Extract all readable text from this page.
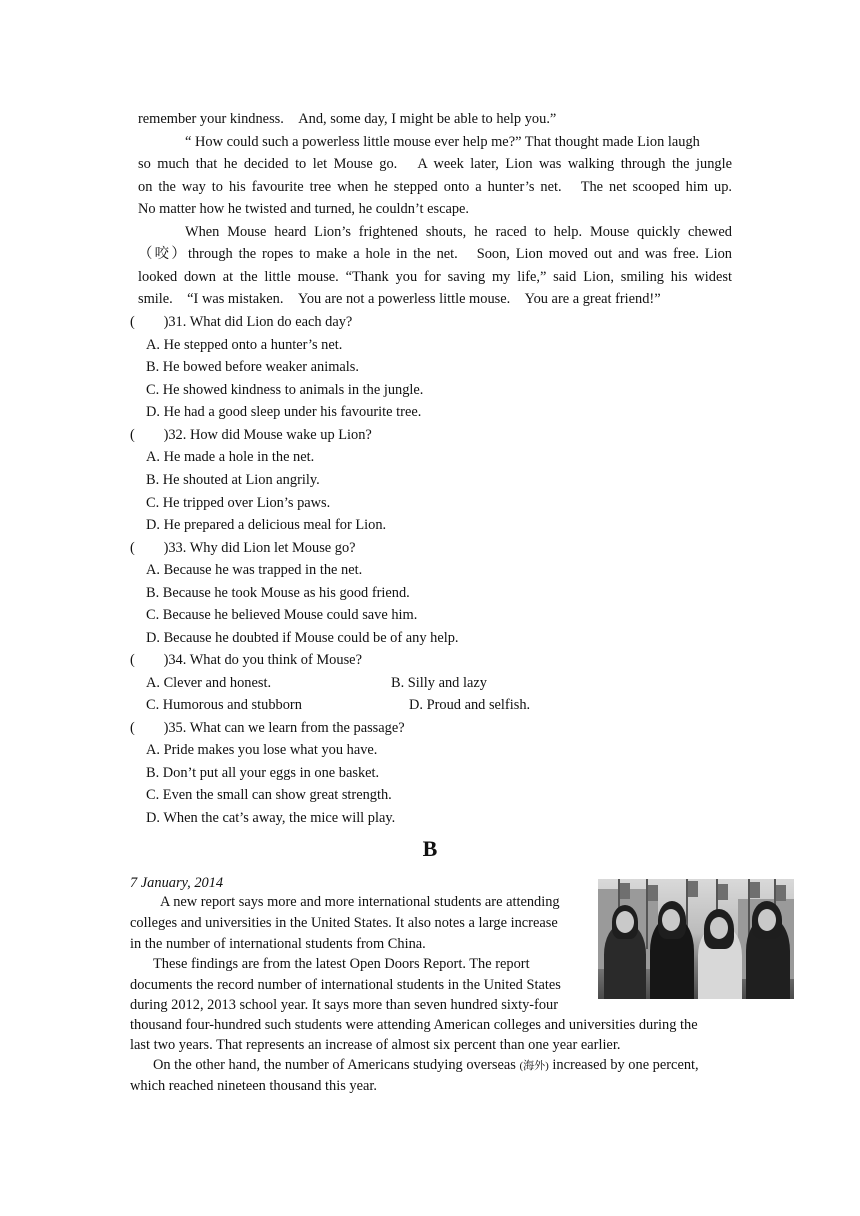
remember your kindness.　And, some day, I might be able to help you.”
“ How could such a powerless little mouse ever help me?” That thought made Lion laugh
so much that he decided to let Mouse go.　A week later, Lion was walking through the jungle
on the way to his favourite tree when he stepped onto a hunter’s net.　The net scooped him up.
No matter how he twisted and turned, he couldn’t escape.
When Mouse heard Lion’s frightened shouts, he raced to help. Mouse quickly chewed
（咬）through the ropes to make a hole in the net.　Soon, Lion moved out and was free. Lion
looked down at the little mouse. “Thank you for saving my life,” said Lion, smiling his widest
smile.　“I was mistaken.　You are not a powerless little mouse.　You are a great friend!”
(　　)31. What did Lion do each day?
A. He stepped onto a hunter’s net.
B. He bowed before weaker animals.
C. He showed kindness to animals in the jungle.
D. He had a good sleep under his favourite tree.
(　　)32. How did Mouse wake up Lion?
A. He made a hole in the net.
B. He shouted at Lion angrily.
C. He tripped over Lion’s paws.
D. He prepared a delicious meal for Lion.
(　　)33. Why did Lion let Mouse go?
A. Because he was trapped in the net.
B. Because he took Mouse as his good friend.
C. Because he believed Mouse could save him.
D. Because he doubted if Mouse could be of any help.
(　　)34. What do you think of Mouse?
A. Clever and honest.	B. Silly and lazy
C. Humorous and stubborn	D. Proud and selfish.
(　　)35. What can we learn from the passage?
A. Pride makes you lose what you have.
B. Don’t put all your eggs in one basket.
C. Even the small can show great strength.
D. When the cat’s away, the mice will play.
B
7 January, 2014
A new report says more and more international students are attending
colleges and universities in the United States. It also notes a large increase
in the number of international students from China.
These findings are from the latest Open Doors Report. The report
documents the record number of international students in the United States
during 2012, 2013 school year. It says more than seven hundred sixty-four
thousand four-hundred such students were attending American colleges and universities during the
last two years. That represents an increase of almost six percent than one year earlier.
On the other hand, the number of Americans studying overseas (海外) increased by one percent,
which reached nineteen thousand this year.
